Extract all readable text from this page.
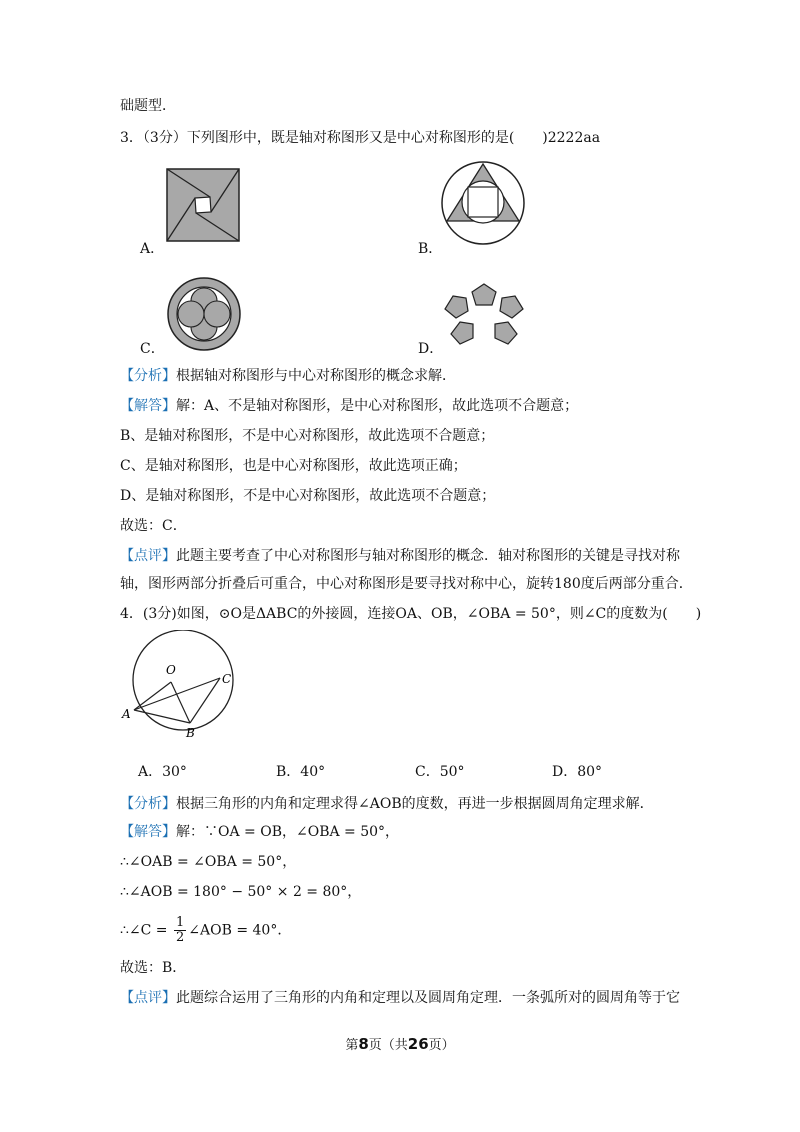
础题型．
3．（3分）下列图形中，既是轴对称图形又是中心对称图形的是(　　)2222aa
A．	B．
C．	D．
【分析】根据轴对称图形与中心对称图形的概念求解．
【解答】解：A、不是轴对称图形，是中心对称图形，故此选项不合题意；
B、是轴对称图形，不是中心对称图形，故此选项不合题意；
C、是轴对称图形，也是中心对称图形，故此选项正确；
D、是轴对称图形，不是中心对称图形，故此选项不合题意；
故选：C．
【点评】此题主要考查了中心对称图形与轴对称图形的概念．轴对称图形的关键是寻找对称
轴，图形两部分折叠后可重合，中心对称图形是要寻找对称中心，旋转180度后两部分重合．
4．(3分)如图，⊙O是ΔABC的外接圆，连接OA、OB，∠OBA = 50°，则∠C的度数为(　　)
O
A
B
C
A．30°	B．40°	C．50°	D．80°
【分析】根据三角形的内角和定理求得∠AOB的度数，再进一步根据圆周角定理求解．
【解答】解：∵OA = OB，∠OBA = 50°，
∴∠OAB = ∠OBA = 50°，
∴∠AOB = 180° − 50° × 2 = 80°，
∴∠C = $\frac{1}{2}$ ∠AOB = 40°．
故选：B．
【点评】此题综合运用了三角形的内角和定理以及圆周角定理．一条弧所对的圆周角等于它
第8页（共26页）
